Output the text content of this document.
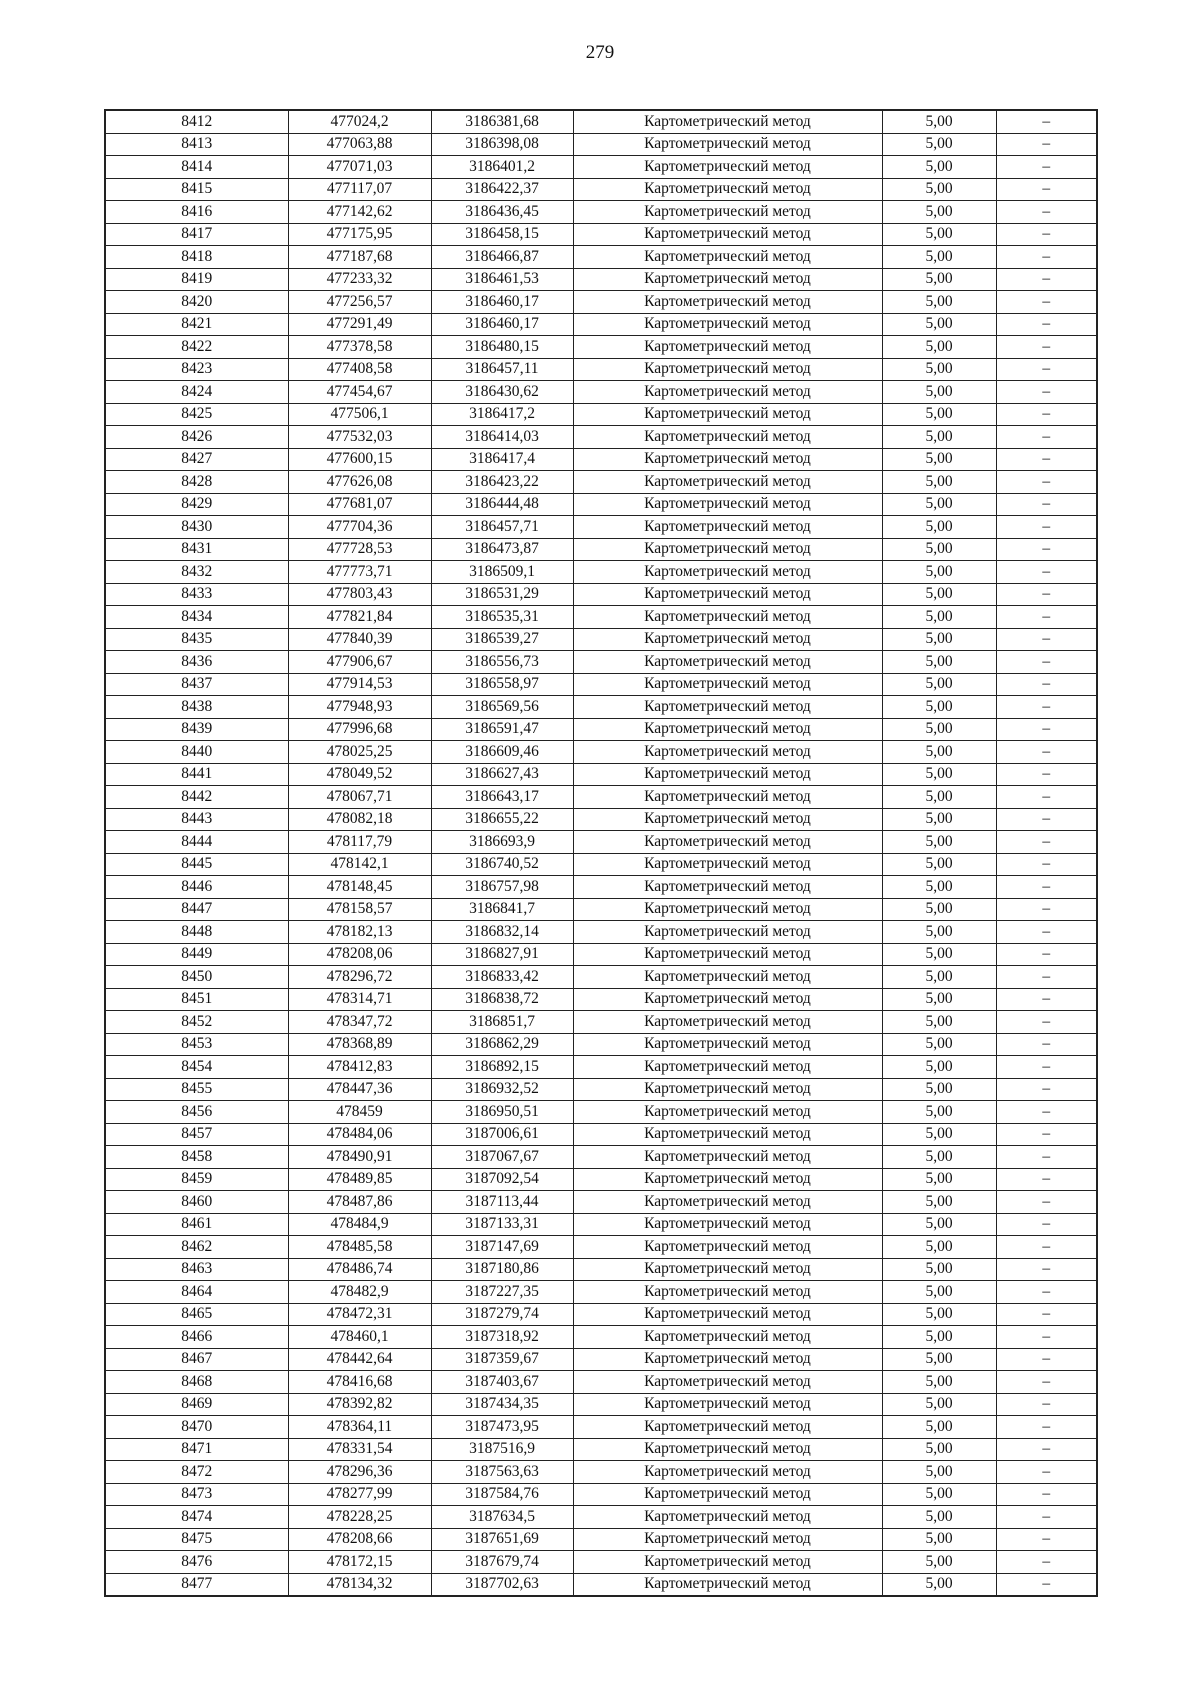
279
8412	477024,2	3186381,68	Картометрический метод	5,00	–
8413	477063,88	3186398,08	Картометрический метод	5,00	–
8414	477071,03	3186401,2	Картометрический метод	5,00	–
8415	477117,07	3186422,37	Картометрический метод	5,00	–
8416	477142,62	3186436,45	Картометрический метод	5,00	–
8417	477175,95	3186458,15	Картометрический метод	5,00	–
8418	477187,68	3186466,87	Картометрический метод	5,00	–
8419	477233,32	3186461,53	Картометрический метод	5,00	–
8420	477256,57	3186460,17	Картометрический метод	5,00	–
8421	477291,49	3186460,17	Картометрический метод	5,00	–
8422	477378,58	3186480,15	Картометрический метод	5,00	–
8423	477408,58	3186457,11	Картометрический метод	5,00	–
8424	477454,67	3186430,62	Картометрический метод	5,00	–
8425	477506,1	3186417,2	Картометрический метод	5,00	–
8426	477532,03	3186414,03	Картометрический метод	5,00	–
8427	477600,15	3186417,4	Картометрический метод	5,00	–
8428	477626,08	3186423,22	Картометрический метод	5,00	–
8429	477681,07	3186444,48	Картометрический метод	5,00	–
8430	477704,36	3186457,71	Картометрический метод	5,00	–
8431	477728,53	3186473,87	Картометрический метод	5,00	–
8432	477773,71	3186509,1	Картометрический метод	5,00	–
8433	477803,43	3186531,29	Картометрический метод	5,00	–
8434	477821,84	3186535,31	Картометрический метод	5,00	–
8435	477840,39	3186539,27	Картометрический метод	5,00	–
8436	477906,67	3186556,73	Картометрический метод	5,00	–
8437	477914,53	3186558,97	Картометрический метод	5,00	–
8438	477948,93	3186569,56	Картометрический метод	5,00	–
8439	477996,68	3186591,47	Картометрический метод	5,00	–
8440	478025,25	3186609,46	Картометрический метод	5,00	–
8441	478049,52	3186627,43	Картометрический метод	5,00	–
8442	478067,71	3186643,17	Картометрический метод	5,00	–
8443	478082,18	3186655,22	Картометрический метод	5,00	–
8444	478117,79	3186693,9	Картометрический метод	5,00	–
8445	478142,1	3186740,52	Картометрический метод	5,00	–
8446	478148,45	3186757,98	Картометрический метод	5,00	–
8447	478158,57	3186841,7	Картометрический метод	5,00	–
8448	478182,13	3186832,14	Картометрический метод	5,00	–
8449	478208,06	3186827,91	Картометрический метод	5,00	–
8450	478296,72	3186833,42	Картометрический метод	5,00	–
8451	478314,71	3186838,72	Картометрический метод	5,00	–
8452	478347,72	3186851,7	Картометрический метод	5,00	–
8453	478368,89	3186862,29	Картометрический метод	5,00	–
8454	478412,83	3186892,15	Картометрический метод	5,00	–
8455	478447,36	3186932,52	Картометрический метод	5,00	–
8456	478459	3186950,51	Картометрический метод	5,00	–
8457	478484,06	3187006,61	Картометрический метод	5,00	–
8458	478490,91	3187067,67	Картометрический метод	5,00	–
8459	478489,85	3187092,54	Картометрический метод	5,00	–
8460	478487,86	3187113,44	Картометрический метод	5,00	–
8461	478484,9	3187133,31	Картометрический метод	5,00	–
8462	478485,58	3187147,69	Картометрический метод	5,00	–
8463	478486,74	3187180,86	Картометрический метод	5,00	–
8464	478482,9	3187227,35	Картометрический метод	5,00	–
8465	478472,31	3187279,74	Картометрический метод	5,00	–
8466	478460,1	3187318,92	Картометрический метод	5,00	–
8467	478442,64	3187359,67	Картометрический метод	5,00	–
8468	478416,68	3187403,67	Картометрический метод	5,00	–
8469	478392,82	3187434,35	Картометрический метод	5,00	–
8470	478364,11	3187473,95	Картометрический метод	5,00	–
8471	478331,54	3187516,9	Картометрический метод	5,00	–
8472	478296,36	3187563,63	Картометрический метод	5,00	–
8473	478277,99	3187584,76	Картометрический метод	5,00	–
8474	478228,25	3187634,5	Картометрический метод	5,00	–
8475	478208,66	3187651,69	Картометрический метод	5,00	–
8476	478172,15	3187679,74	Картометрический метод	5,00	–
8477	478134,32	3187702,63	Картометрический метод	5,00	–
